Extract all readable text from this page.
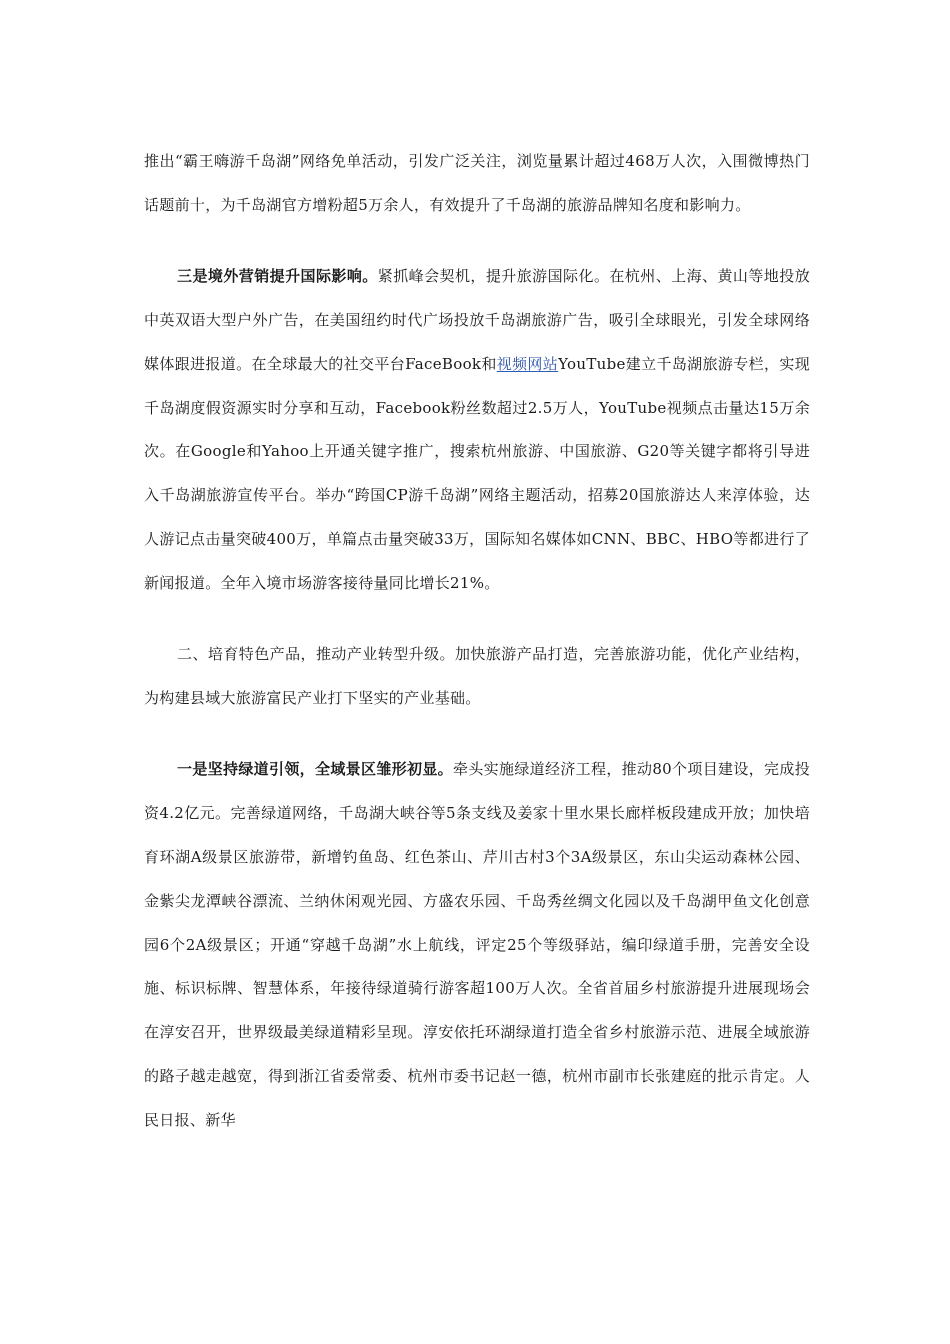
推出“霸王嗨游千岛湖”网络免单活动，引发广泛关注，浏览量累计超过468万人次，入围微博热门话题前十，为千岛湖官方增粉超5万余人，有效提升了千岛湖的旅游品牌知名度和影响力。

三是境外营销提升国际影响。紧抓峰会契机，提升旅游国际化。在杭州、上海、黄山等地投放中英双语大型户外广告，在美国纽约时代广场投放千岛湖旅游广告，吸引全球眼光，引发全球网络媒体跟进报道。在全球最大的社交平台FaceBook和视频网站YouTube建立千岛湖旅游专栏，实现千岛湖度假资源实时分享和互动，Facebook粉丝数超过2.5万人，YouTube视频点击量达15万余次。在Google和Yahoo上开通关键字推广，搜索杭州旅游、中国旅游、G20等关键字都将引导进入千岛湖旅游宣传平台。举办“跨国CP游千岛湖”网络主题活动，招募20国旅游达人来淳体验，达人游记点击量突破400万，单篇点击量突破33万，国际知名媒体如CNN、BBC、HBO等都进行了新闻报道。全年入境市场游客接待量同比增长21%。

二、培育特色产品，推动产业转型升级。加快旅游产品打造，完善旅游功能，优化产业结构，为构建县域大旅游富民产业打下坚实的产业基础。

一是坚持绿道引领，全域景区雏形初显。牵头实施绿道经济工程，推动80个项目建设，完成投资4.2亿元。完善绿道网络，千岛湖大峡谷等5条支线及姜家十里水果长廊样板段建成开放；加快培育环湖A级景区旅游带，新增钓鱼岛、红色茶山、芹川古村3个3A级景区，东山尖运动森林公园、金紫尖龙潭峡谷漂流、兰纳休闲观光园、方盛农乐园、千岛秀丝绸文化园以及千岛湖甲鱼文化创意园6个2A级景区；开通“穿越千岛湖”水上航线，评定25个等级驿站，编印绿道手册，完善安全设施、标识标牌、智慧体系，年接待绿道骑行游客超100万人次。全省首届乡村旅游提升进展现场会在淳安召开，世界级最美绿道精彩呈现。淳安依托环湖绿道打造全省乡村旅游示范、进展全域旅游的路子越走越宽，得到浙江省委常委、杭州市委书记赵一德，杭州市副市长张建庭的批示肯定。人民日报、新华
